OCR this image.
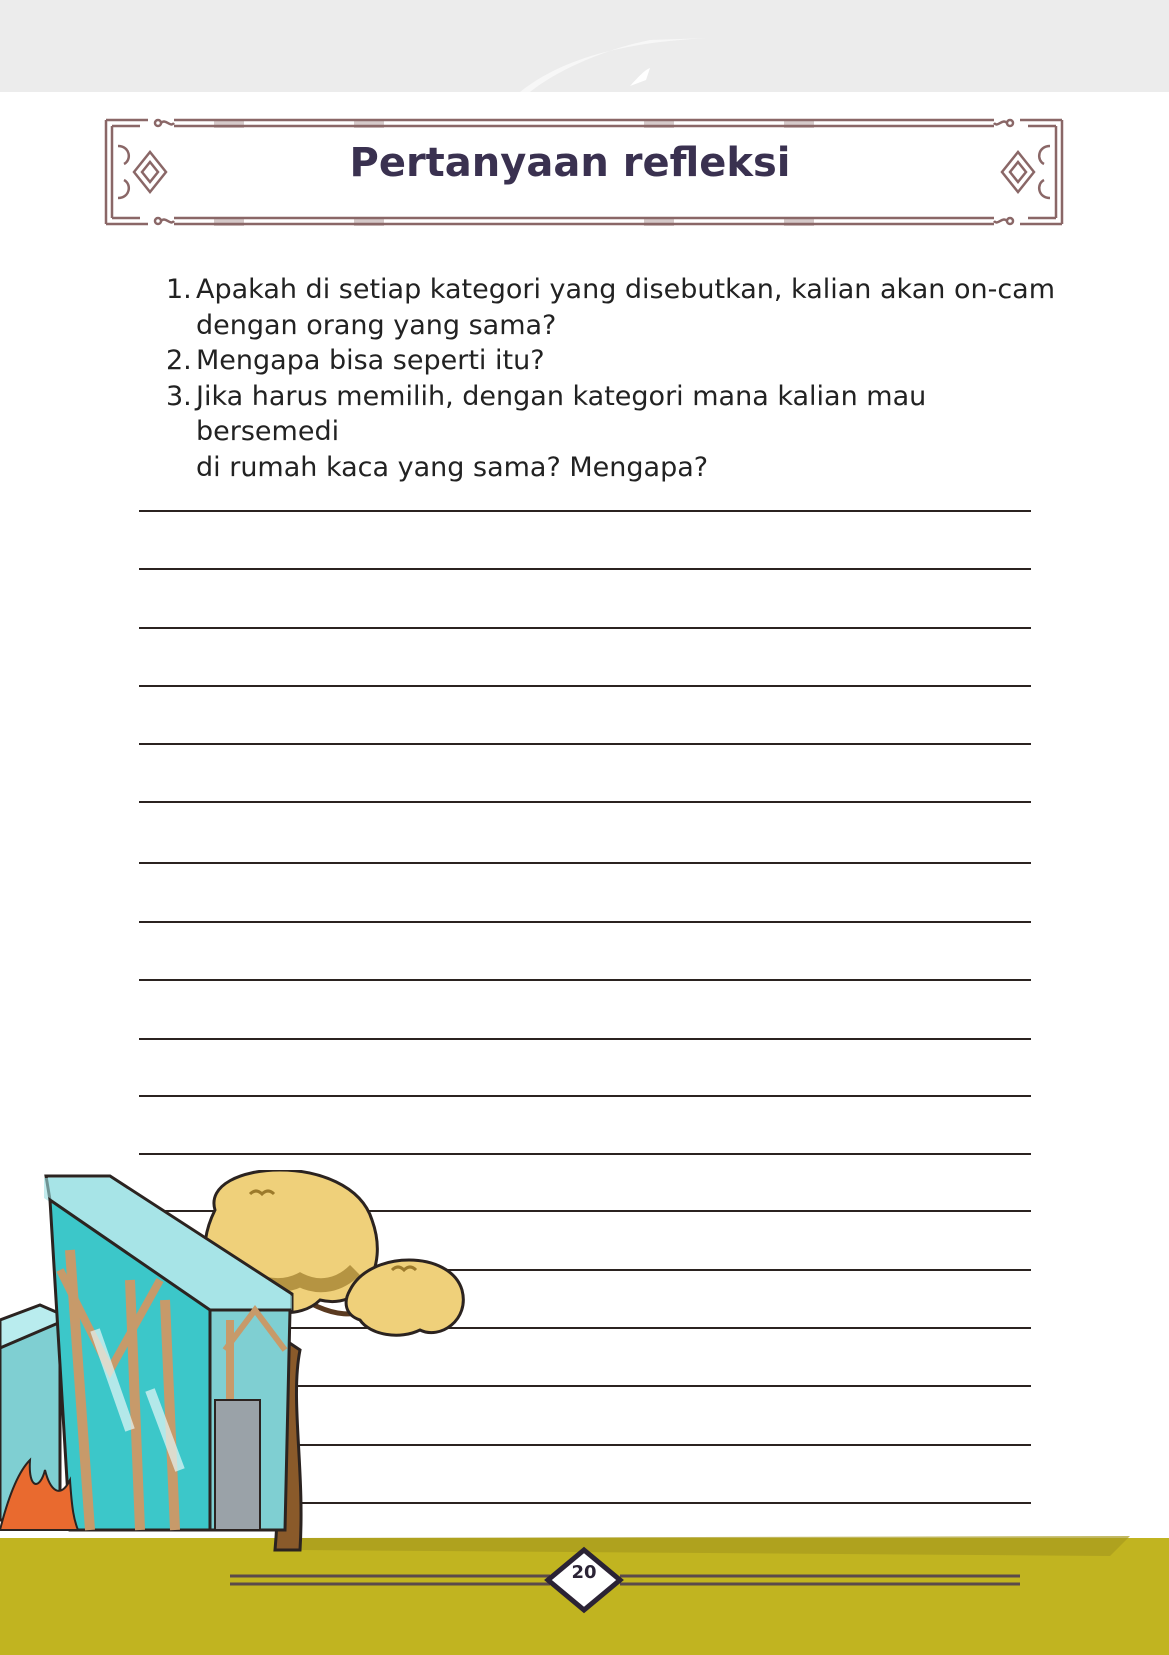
Pertanyaan refleksi
1. Apakah di setiap kategori yang disebutkan, kalian akan on-cam
dengan orang yang sama?
2. Mengapa bisa seperti itu?
3. Jika harus memilih, dengan kategori mana kalian mau bersemedi
di rumah kaca yang sama? Mengapa?
20
